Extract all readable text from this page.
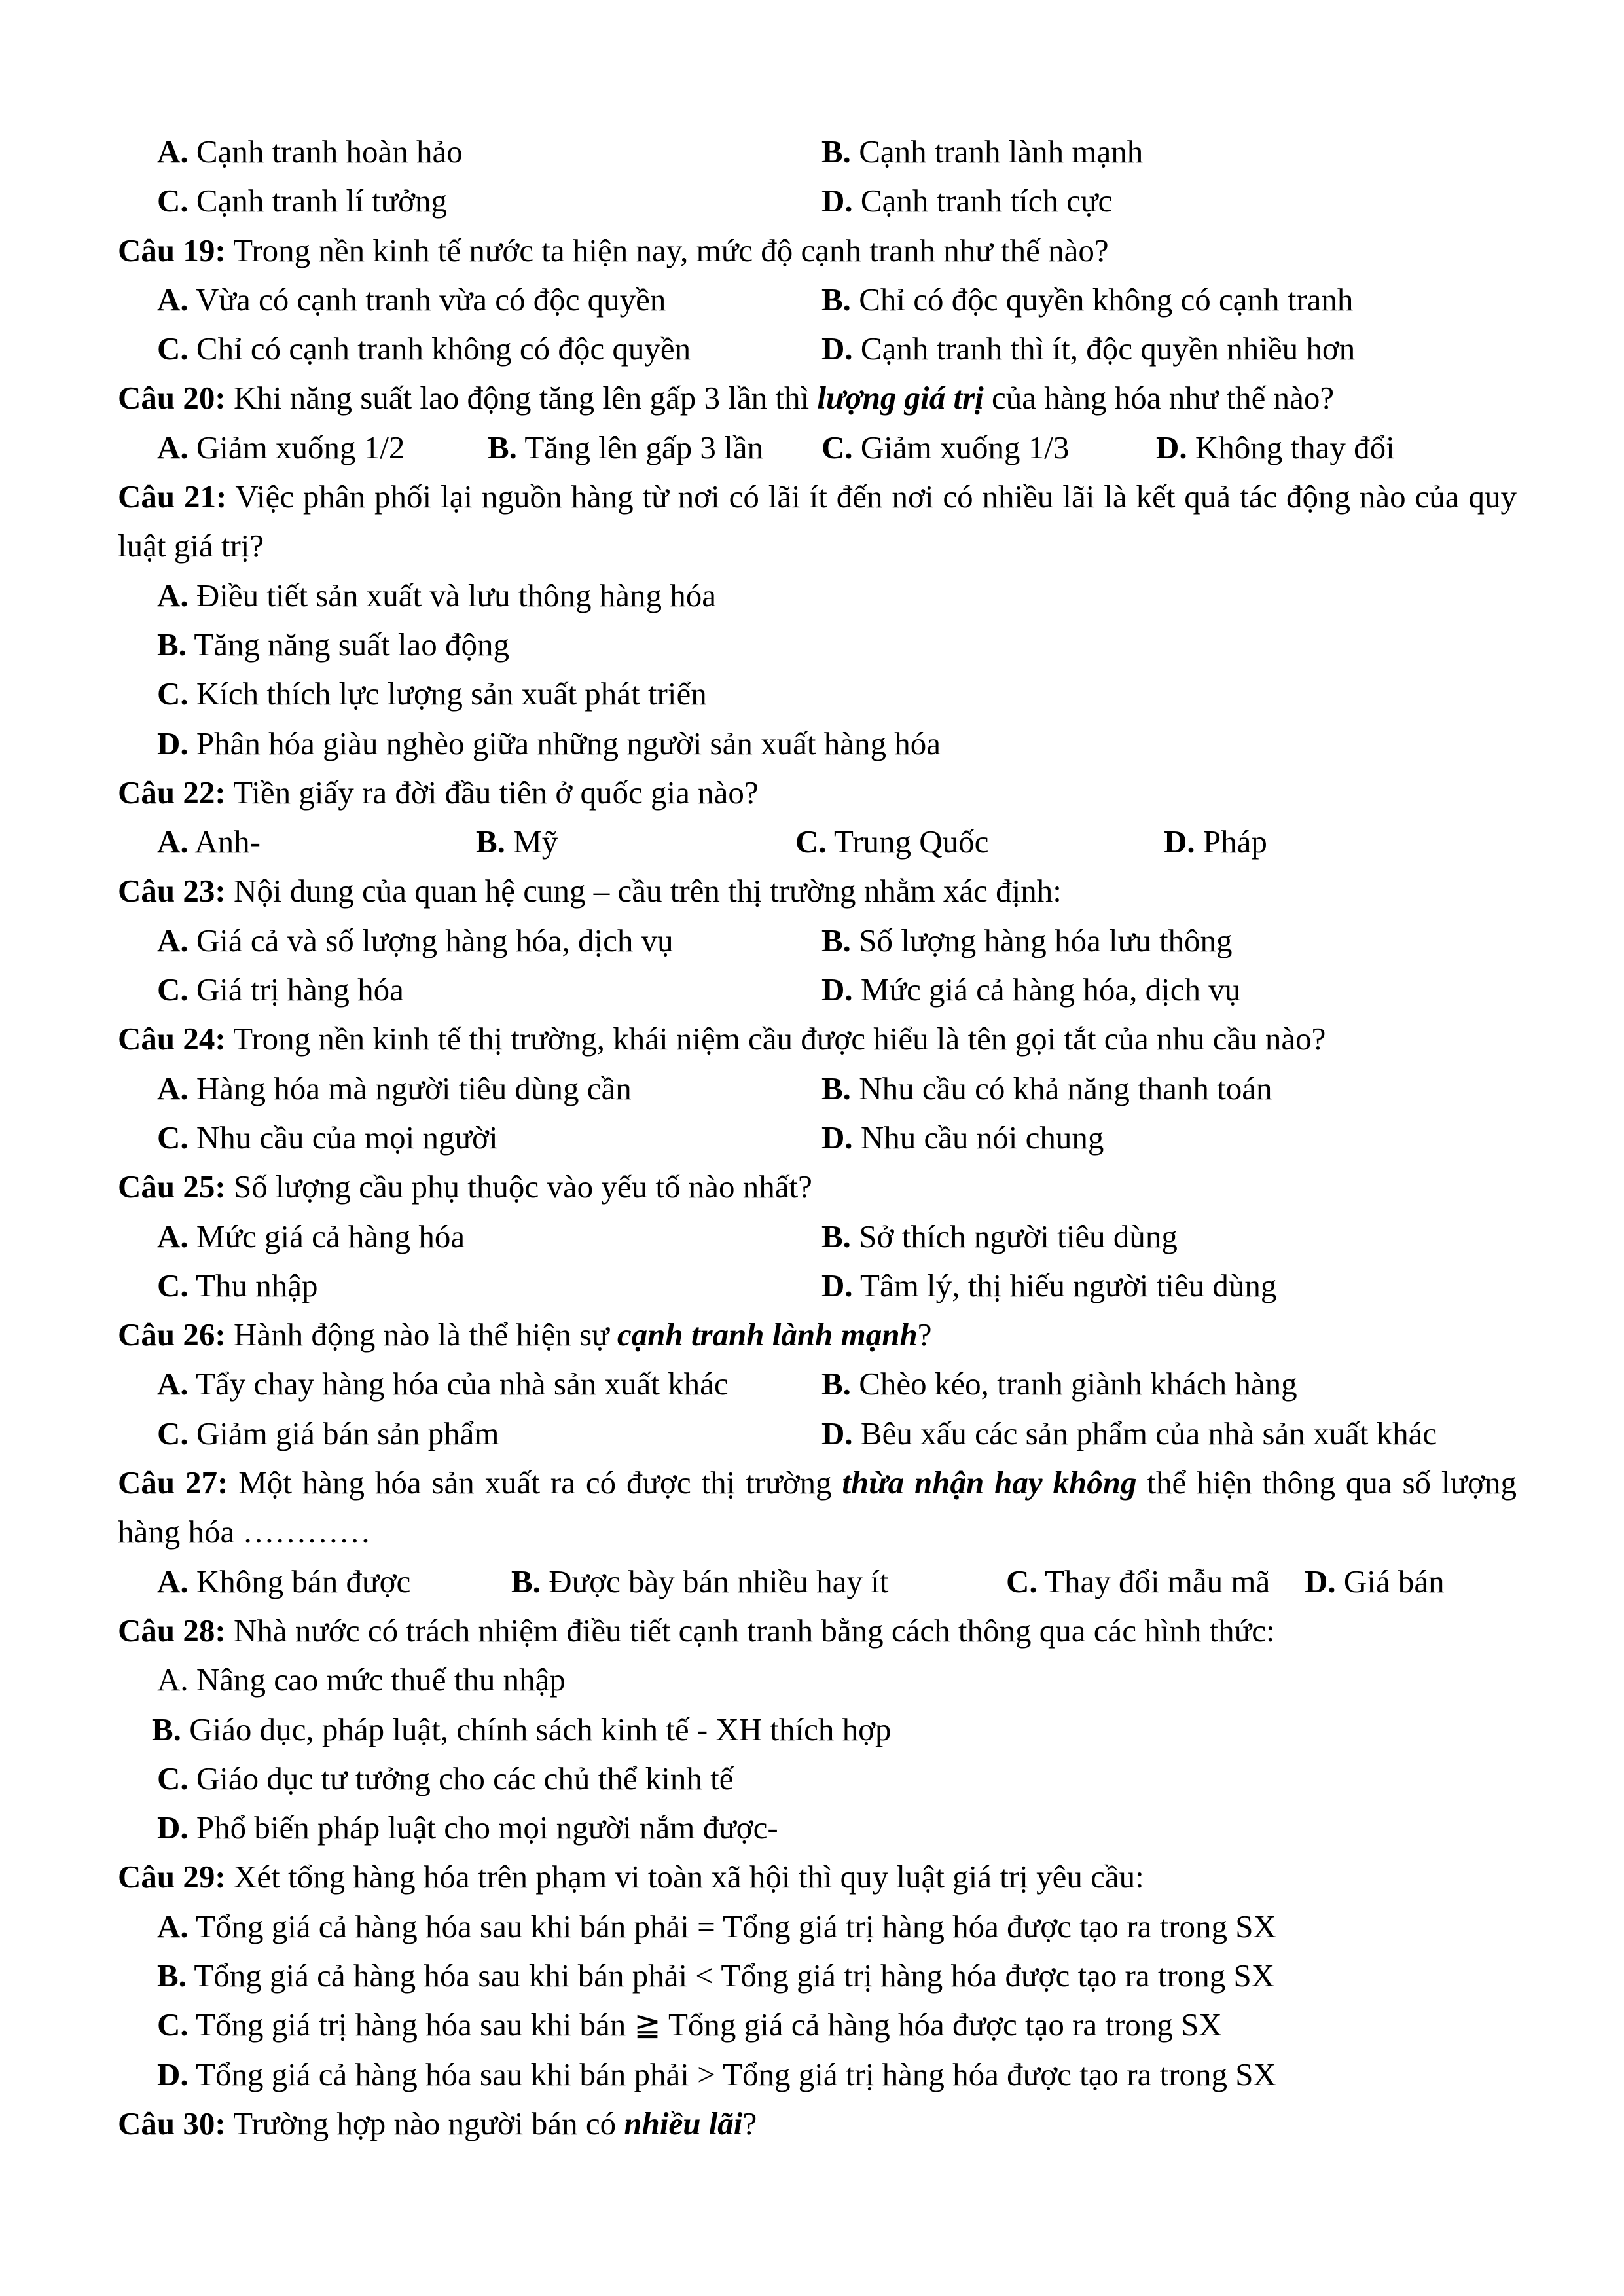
A. Cạnh tranh hoàn hảo	B. Cạnh tranh lành mạnh
C. Cạnh tranh lí tưởng	D. Cạnh tranh tích cực
Câu 19: Trong nền kinh tế nước ta hiện nay, mức độ cạnh tranh như thế nào?
A. Vừa có cạnh tranh vừa có độc quyền	B. Chỉ có độc quyền không có cạnh tranh
C. Chỉ có cạnh tranh không có độc quyền	D. Cạnh tranh thì ít, độc quyền nhiều hơn
Câu 20: Khi năng suất lao động tăng lên gấp 3 lần thì lượng giá trị của hàng hóa như thế nào?
A. Giảm xuống 1/2	B. Tăng lên gấp 3 lần C. Giảm xuống 1/3	D. Không thay đổi
Câu 21: Việc phân phối lại nguồn hàng từ nơi có lãi ít đến nơi có nhiều lãi là kết quả tác động nào của quy luật giá trị?
A. Điều tiết sản xuất và lưu thông hàng hóa
B. Tăng năng suất lao động
C. Kích thích lực lượng sản xuất phát triển
D. Phân hóa giàu nghèo giữa những người sản xuất hàng hóa
Câu 22: Tiền giấy ra đời đầu tiên ở quốc gia nào?
A. Anh-	B. Mỹ	C. Trung Quốc	D. Pháp
Câu 23: Nội dung của quan hệ cung – cầu trên thị trường nhằm xác định:
A. Giá cả và số lượng hàng hóa, dịch vụ	B. Số lượng hàng hóa lưu thông
C. Giá trị hàng hóa	D. Mức giá cả hàng hóa, dịch vụ
Câu 24: Trong nền kinh tế thị trường, khái niệm cầu được hiểu là tên gọi tắt của nhu cầu nào?
A. Hàng hóa mà người tiêu dùng cần	B. Nhu cầu có khả năng thanh toán
C. Nhu cầu của mọi người	D. Nhu cầu nói chung
Câu 25: Số lượng cầu phụ thuộc vào yếu tố nào nhất?
A. Mức giá cả hàng hóa	B. Sở thích người tiêu dùng
C. Thu nhập	D. Tâm lý, thị hiếu người tiêu dùng
Câu 26: Hành động nào là thể hiện sự cạnh tranh lành mạnh?
A. Tẩy chay hàng hóa của nhà sản xuất khác	B. Chèo kéo, tranh giành khách hàng
C. Giảm giá bán sản phẩm	D. Bêu xấu các sản phẩm của nhà sản xuất khác
Câu 27: Một hàng hóa sản xuất ra có được thị trường thừa nhận hay không thể hiện thông qua số lượng hàng hóa …………
A. Không bán được	B. Được bày bán nhiều hay ít	C. Thay đổi mẫu mã D. Giá bán
Câu 28: Nhà nước có trách nhiệm điều tiết cạnh tranh bằng cách thông qua các hình thức:
A. Nâng cao mức thuế thu nhập
B. Giáo dục, pháp luật, chính sách kinh tế - XH thích hợp
C. Giáo dục tư tưởng cho các chủ thể kinh tế
D. Phổ biến pháp luật cho mọi người nắm được-
Câu 29: Xét tổng hàng hóa trên phạm vi toàn xã hội thì quy luật giá trị yêu cầu:
A. Tổng giá cả hàng hóa sau khi bán phải = Tổng giá trị hàng hóa được tạo ra trong SX
B. Tổng giá cả hàng hóa sau khi bán phải < Tổng giá trị hàng hóa được tạo ra trong SX
C. Tổng giá trị hàng hóa sau khi bán ≧ Tổng giá cả hàng hóa được tạo ra trong SX
D. Tổng giá cả hàng hóa sau khi bán phải > Tổng giá trị hàng hóa được tạo ra trong SX
Câu 30: Trường hợp nào người bán có nhiều lãi?
